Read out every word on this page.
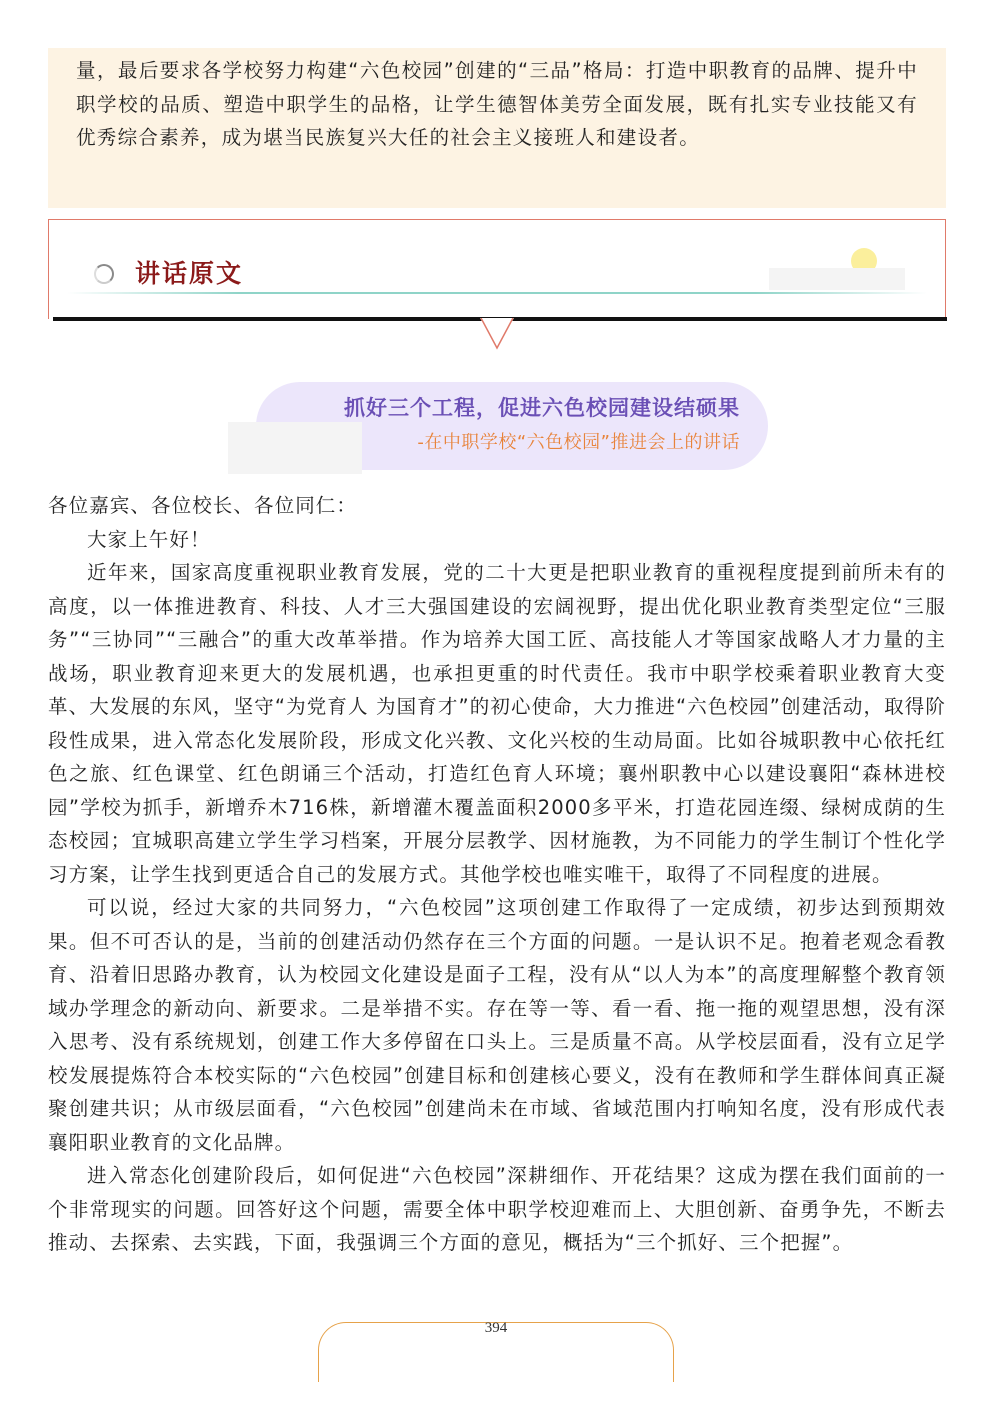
量，最后要求各学校努力构建“六色校园”创建的“三品”格局：打造中职教育的品牌、提升中职学校的品质、塑造中职学生的品格，让学生德智体美劳全面发展，既有扎实专业技能又有优秀综合素养，成为堪当民族复兴大任的社会主义接班人和建设者。

讲话原文
抓好三个工程，促进六色校园建设结硕果
-在中职学校“六色校园”推进会上的讲话

各位嘉宾、各位校长、各位同仁：

大家上午好！

近年来，国家高度重视职业教育发展，党的二十大更是把职业教育的重视程度提到前所未有的高度，以一体推进教育、科技、人才三大强国建设的宏阔视野，提出优化职业教育类型定位“三服务”“三协同”“三融合”的重大改革举措。作为培养大国工匠、高技能人才等国家战略人才力量的主战场，职业教育迎来更大的发展机遇，也承担更重的时代责任。我市中职学校乘着职业教育大变革、大发展的东风，坚守“为党育人 为国育才”的初心使命，大力推进“六色校园”创建活动，取得阶段性成果，进入常态化发展阶段，形成文化兴教、文化兴校的生动局面。比如谷城职教中心依托红色之旅、红色课堂、红色朗诵三个活动，打造红色育人环境；襄州职教中心以建设襄阳“森林进校园”学校为抓手，新增乔木716株，新增灌木覆盖面积2000多平米，打造花园连缀、绿树成荫的生态校园；宜城职高建立学生学习档案，开展分层教学、因材施教，为不同能力的学生制订个性化学习方案，让学生找到更适合自己的发展方式。其他学校也唯实唯干，取得了不同程度的进展。

可以说，经过大家的共同努力，“六色校园”这项创建工作取得了一定成绩，初步达到预期效果。但不可否认的是，当前的创建活动仍然存在三个方面的问题。一是认识不足。抱着老观念看教育、沿着旧思路办教育，认为校园文化建设是面子工程，没有从“以人为本”的高度理解整个教育领域办学理念的新动向、新要求。二是举措不实。存在等一等、看一看、拖一拖的观望思想，没有深入思考、没有系统规划，创建工作大多停留在口头上。三是质量不高。从学校层面看，没有立足学校发展提炼符合本校实际的“六色校园”创建目标和创建核心要义，没有在教师和学生群体间真正凝聚创建共识；从市级层面看，“六色校园”创建尚未在市域、省域范围内打响知名度，没有形成代表襄阳职业教育的文化品牌。

进入常态化创建阶段后，如何促进“六色校园”深耕细作、开花结果？这成为摆在我们面前的一个非常现实的问题。回答好这个问题，需要全体中职学校迎难而上、大胆创新、奋勇争先，不断去推动、去探索、去实践，下面，我强调三个方面的意见，概括为“三个抓好、三个把握”。

394
